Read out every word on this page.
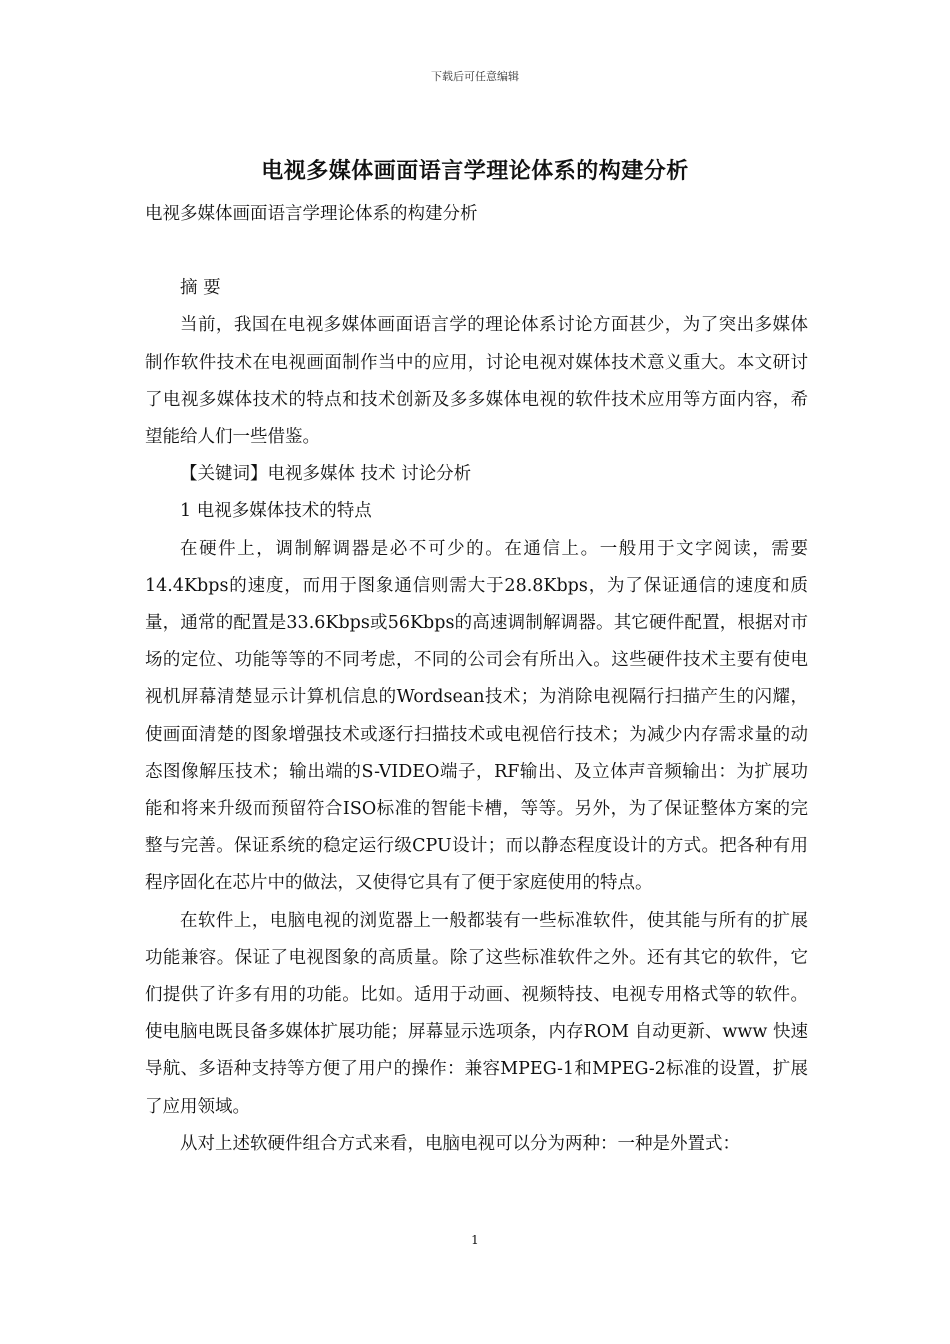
下载后可任意编辑
电视多媒体画面语言学理论体系的构建分析

电视多媒体画面语言学理论体系的构建分析

摘 要

当前，我国在电视多媒体画面语言学的理论体系讨论方面甚少，为了突出多媒体制作软件技术在电视画面制作当中的应用，讨论电视对媒体技术意义重大。本文研讨了电视多媒体技术的特点和技术创新及多多媒体电视的软件技术应用等方面内容，希望能给人们一些借鉴。

【关键词】电视多媒体 技术 讨论分析

1 电视多媒体技术的特点

在硬件上，调制解调器是必不可少的。在通信上。一般用于文字阅读，需要14.4Kbps的速度，而用于图象通信则需大于28.8Kbps，为了保证通信的速度和质量，通常的配置是33.6Kbps或56Kbps的高速调制解调器。其它硬件配置，根据对市场的定位、功能等等的不同考虑，不同的公司会有所出入。这些硬件技术主要有使电视机屏幕清楚显示计算机信息的Wordsean技术；为消除电视隔行扫描产生的闪耀，使画面清楚的图象增强技术或逐行扫描技术或电视倍行技术；为减少内存需求量的动态图像解压技术；输出端的S-VIDEO端子，RF输出、及立体声音频输出：为扩展功能和将来升级而预留符合ISO标准的智能卡槽，等等。另外，为了保证整体方案的完整与完善。保证系统的稳定运行级CPU设计；而以静态程度设计的方式。把各种有用程序固化在芯片中的做法，又使得它具有了便于家庭使用的特点。

在软件上，电脑电视的浏览器上一般都装有一些标准软件，使其能与所有的扩展功能兼容。保证了电视图象的高质量。除了这些标准软件之外。还有其它的软件，它们提供了许多有用的功能。比如。适用于动画、视频特技、电视专用格式等的软件。使电脑电既艮备多媒体扩展功能；屏幕显示选项条，内存ROM 自动更新、www 快速导航、多语种支持等方便了用户的操作：兼容MPEG-1和MPEG-2标准的设置，扩展了应用领域。

从对上述软硬件组合方式来看，电脑电视可以分为两种：一种是外置式：

1
